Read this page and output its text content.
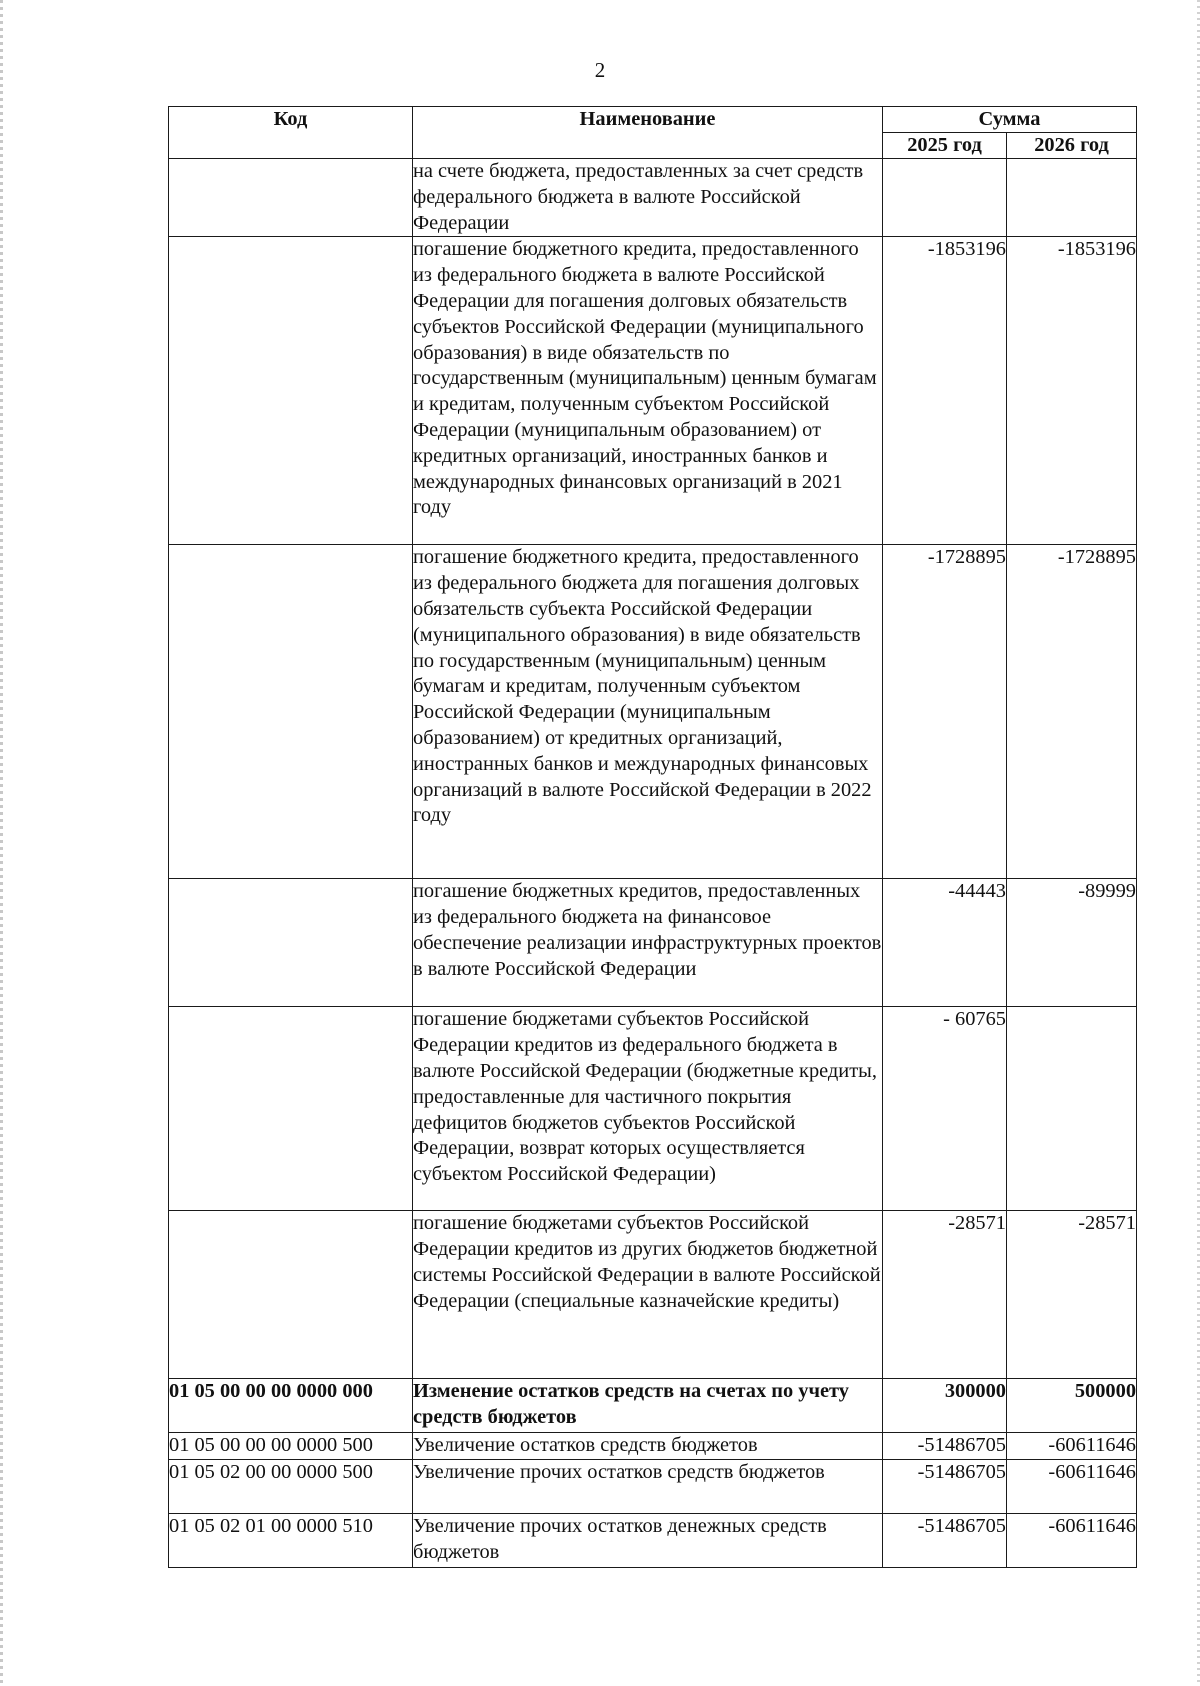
2
Код	Наименование	Сумма	
		2025 год	2026 год
	на счете бюджета, предоставленных за счет средств федерального бюджета в валюте Российской Федерации		
	погашение бюджетного кредита, предоставленного из федерального бюджета в валюте Российской Федерации для погашения долговых обязательств субъектов Российской Федерации (муниципального образования) в виде обязательств по государственным (муниципальным) ценным бумагам и кредитам, полученным субъектом Российской Федерации (муниципальным образованием) от кредитных организаций, иностранных банков и международных финансовых организаций в 2021 году	-1853196	-1853196
	погашение бюджетного кредита, предоставленного из федерального бюджета для погашения долговых обязательств субъекта Российской Федерации (муниципального образования) в виде обязательств по государственным (муниципальным) ценным бумагам и кредитам, полученным субъектом Российской Федерации (муниципальным образованием) от кредитных организаций, иностранных банков и международных финансовых организаций в валюте Российской Федерации в 2022 году	-1728895	-1728895
	погашение бюджетных кредитов, предоставленных из федерального бюджета на финансовое обеспечение реализации инфраструктурных проектов в валюте Российской Федерации	-44443	-89999
	погашение бюджетами субъектов Российской Федерации кредитов из федерального бюджета в валюте Российской Федерации (бюджетные кредиты, предоставленные для частичного покрытия дефицитов бюджетов субъектов Российской Федерации, возврат которых осуществляется субъектом Российской Федерации)	- 60765	
	погашение бюджетами субъектов Российской Федерации кредитов из других бюджетов бюджетной системы Российской Федерации в валюте Российской Федерации (специальные казначейские кредиты)	-28571	-28571
01 05 00 00 00 0000 000	Изменение остатков средств на счетах по учету средств бюджетов	300000	500000
01 05 00 00 00 0000 500	Увеличение остатков средств бюджетов	-51486705	-60611646
01 05 02 00 00 0000 500	Увеличение прочих остатков средств бюджетов	-51486705	-60611646
01 05 02 01 00 0000 510	Увеличение прочих остатков денежных средств бюджетов	-51486705	-60611646
